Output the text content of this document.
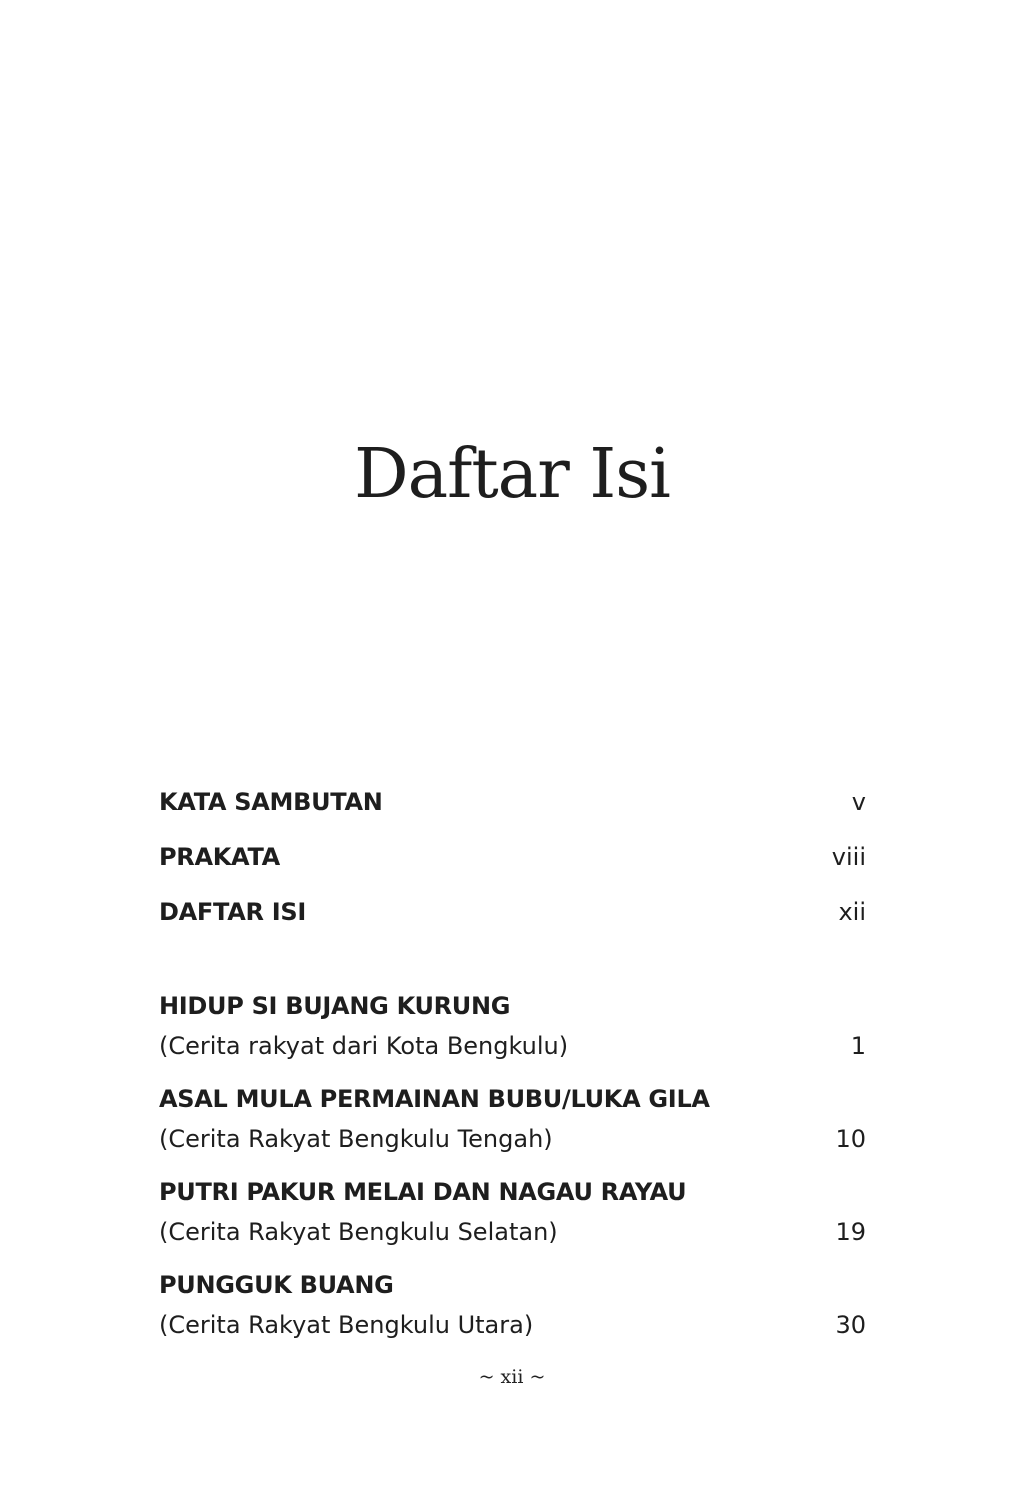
Daftar Isi
KATA SAMBUTAN	v
PRAKATA	viii
DAFTAR ISI	xii
HIDUP SI BUJANG KURUNG
(Cerita rakyat dari Kota Bengkulu)	1
ASAL MULA PERMAINAN BUBU/LUKA GILA
(Cerita Rakyat Bengkulu Tengah)	10
PUTRI PAKUR MELAI DAN NAGAU RAYAU
(Cerita Rakyat Bengkulu Selatan)	19
PUNGGUK BUANG
(Cerita Rakyat Bengkulu Utara)	30
~ xii ~
